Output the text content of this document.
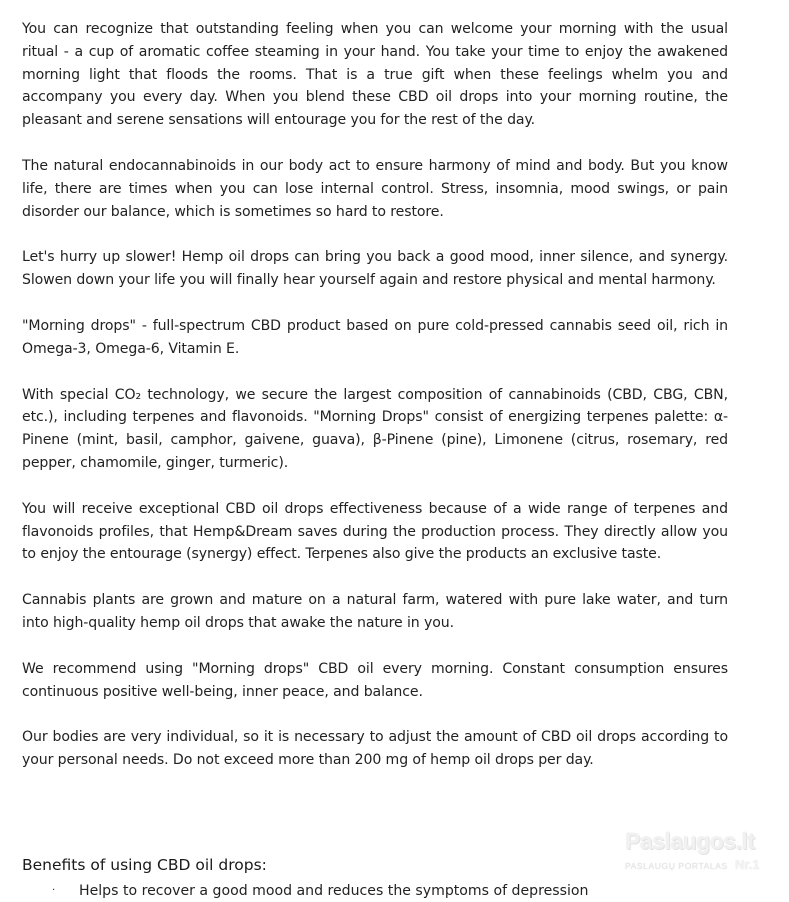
You can recognize that outstanding feeling when you can welcome your morning with the usual ritual - a cup of aromatic coffee steaming in your hand. You take your time to enjoy the awakened morning light that floods the rooms. That is a true gift when these feelings whelm you and accompany you every day. When you blend these CBD oil drops into your morning routine, the pleasant and serene sensations will entourage you for the rest of the day.

The natural endocannabinoids in our body act to ensure harmony of mind and body. But you know life, there are times when you can lose internal control. Stress, insomnia, mood swings, or pain disorder our balance, which is sometimes so hard to restore.

Let's hurry up slower! Hemp oil drops can bring you back a good mood, inner silence, and synergy. Slowen down your life you will finally hear yourself again and restore physical and mental harmony.

"Morning drops" - full-spectrum CBD product based on pure cold-pressed cannabis seed oil, rich in Omega-3, Omega-6, Vitamin E.

With special CO₂ technology, we secure the largest composition of cannabinoids (CBD, CBG, CBN, etc.), including terpenes and flavonoids. "Morning Drops" consist of energizing terpenes palette: α-Pinene (mint, basil, camphor, gaivene, guava), β-Pinene (pine), Limonene (citrus, rosemary, red pepper, chamomile, ginger, turmeric).

You will receive exceptional CBD oil drops effectiveness because of a wide range of terpenes and flavonoids profiles, that Hemp&Dream saves during the production process. They directly allow you to enjoy the entourage (synergy) effect. Terpenes also give the products an exclusive taste.

Cannabis plants are grown and mature on a natural farm, watered with pure lake water, and turn into high-quality hemp oil drops that awake the nature in you.

We recommend using "Morning drops" CBD oil every morning. Constant consumption ensures continuous positive well-being, inner peace, and balance.

Our bodies are very individual, so it is necessary to adjust the amount of CBD oil drops according to your personal needs. Do not exceed more than 200 mg of hemp oil drops per day.

Benefits of using CBD oil drops:
· Helps to recover a good mood and reduces the symptoms of depression
Paslaugos.lt
PASLAUGŲ PORTALAS Nr.1
